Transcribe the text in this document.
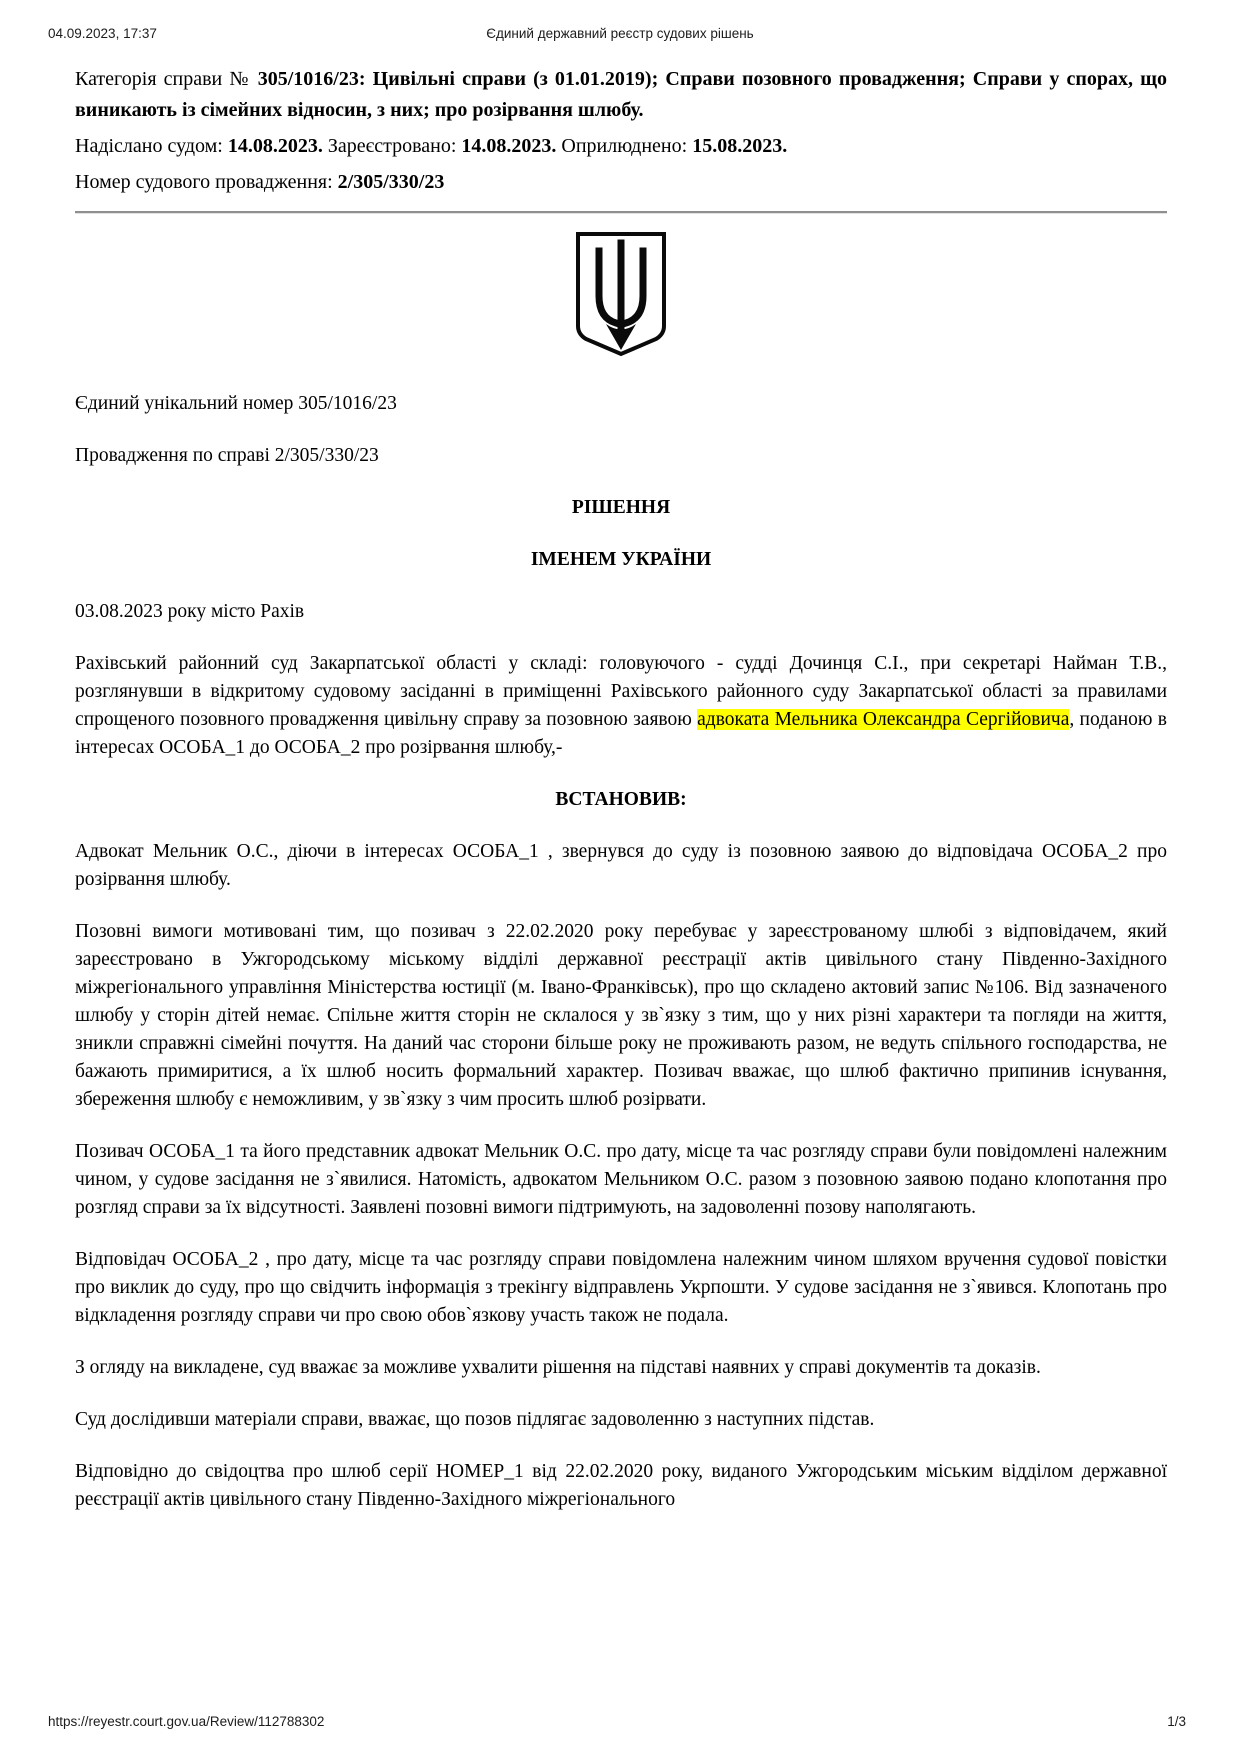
04.09.2023, 17:37	Єдиний державний реєстр судових рішень

Категорія справи № 305/1016/23: Цивільні справи (з 01.01.2019); Справи позовного провадження; Справи у спорах, що виникають із сімейних відносин, з них; про розірвання шлюбу.

Надіслано судом: 14.08.2023. Зареєстровано: 14.08.2023. Оприлюднено: 15.08.2023.

Номер судового провадження: 2/305/330/23

Єдиний унікальний номер 305/1016/23

Провадження по справі 2/305/330/23

РІШЕННЯ

ІМЕНЕМ УКРАЇНИ

03.08.2023 року місто Рахів

Рахівський районний суд Закарпатської області у складі: головуючого - судді Дочинця С.І., при секретарі Найман Т.В., розглянувши в відкритому судовому засіданні в приміщенні Рахівського районного суду Закарпатської області за правилами спрощеного позовного провадження цивільну справу за позовною заявою адвоката Мельника Олександра Сергійовича, поданою в інтересах ОСОБА_1 до ОСОБА_2 про розірвання шлюбу,-

ВСТАНОВИВ:

Адвокат Мельник О.С., діючи в інтересах ОСОБА_1 , звернувся до суду із позовною заявою до відповідача ОСОБА_2 про розірвання шлюбу.

Позовні вимоги мотивовані тим, що позивач з 22.02.2020 року перебуває у зареєстрованому шлюбі з відповідачем, який зареєстровано в Ужгородському міському відділі державної реєстрації актів цивільного стану Південно-Західного міжрегіонального управління Міністерства юстиції (м. Івано-Франківськ), про що складено актовий запис №106. Від зазначеного шлюбу у сторін дітей немає. Спільне життя сторін не склалося у зв`язку з тим, що у них різні характери та погляди на життя, зникли справжні сімейні почуття. На даний час сторони більше року не проживають разом, не ведуть спільного господарства, не бажають примиритися, а їх шлюб носить формальний характер. Позивач вважає, що шлюб фактично припинив існування, збереження шлюбу є неможливим, у зв`язку з чим просить шлюб розірвати.

Позивач ОСОБА_1 та його представник адвокат Мельник О.С. про дату, місце та час розгляду справи були повідомлені належним чином, у судове засідання не з`явилися. Натомість, адвокатом Мельником О.С. разом з позовною заявою подано клопотання про розгляд справи за їх відсутності. Заявлені позовні вимоги підтримують, на задоволенні позову наполягають.

Відповідач ОСОБА_2 , про дату, місце та час розгляду справи повідомлена належним чином шляхом вручення судової повістки про виклик до суду, про що свідчить інформація з трекінгу відправлень Укрпошти. У судове засідання не з`явився. Клопотань про відкладення розгляду справи чи про свою обов`язкову участь також не подала.

З огляду на викладене, суд вважає за можливе ухвалити рішення на підставі наявних у справі документів та доказів.

Суд дослідивши матеріали справи, вважає, що позов підлягає задоволенню з наступних підстав.

Відповідно до свідоцтва про шлюб серії НОМЕР_1 від 22.02.2020 року, виданого Ужгородським міським відділом державної реєстрації актів цивільного стану Південно-Західного міжрегіонального

https://reyestr.court.gov.ua/Review/112788302	1/3
